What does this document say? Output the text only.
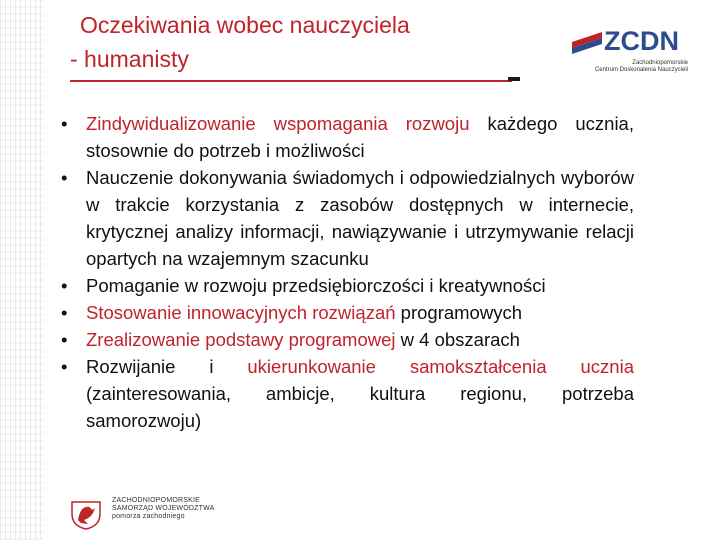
Oczekiwania wobec nauczyciela
- humanisty
ZCDN
Zachodniopomorskie
Centrum Doskonalenia Nauczycieli
• Zindywidualizowanie wspomagania rozwoju każdego ucznia, stosownie do potrzeb i możliwości
• Nauczenie dokonywania świadomych i odpowiedzialnych wyborów w trakcie korzystania z zasobów dostępnych w internecie, krytycznej analizy informacji, nawiązywanie i utrzymywanie relacji opartych na wzajemnym szacunku
• Pomaganie w rozwoju przedsiębiorczości i kreatywności
• Stosowanie innowacyjnych rozwiązań programowych
• Zrealizowanie podstawy programowej w 4 obszarach
• Rozwijanie i ukierunkowanie samokształcenia ucznia (zainteresowania, ambicje, kultura regionu, potrzeba samorozwoju)
ZACHODNIOPOMORSKIE
SAMORZĄD WOJEWÓDZTWA
pomorza zachodniego
